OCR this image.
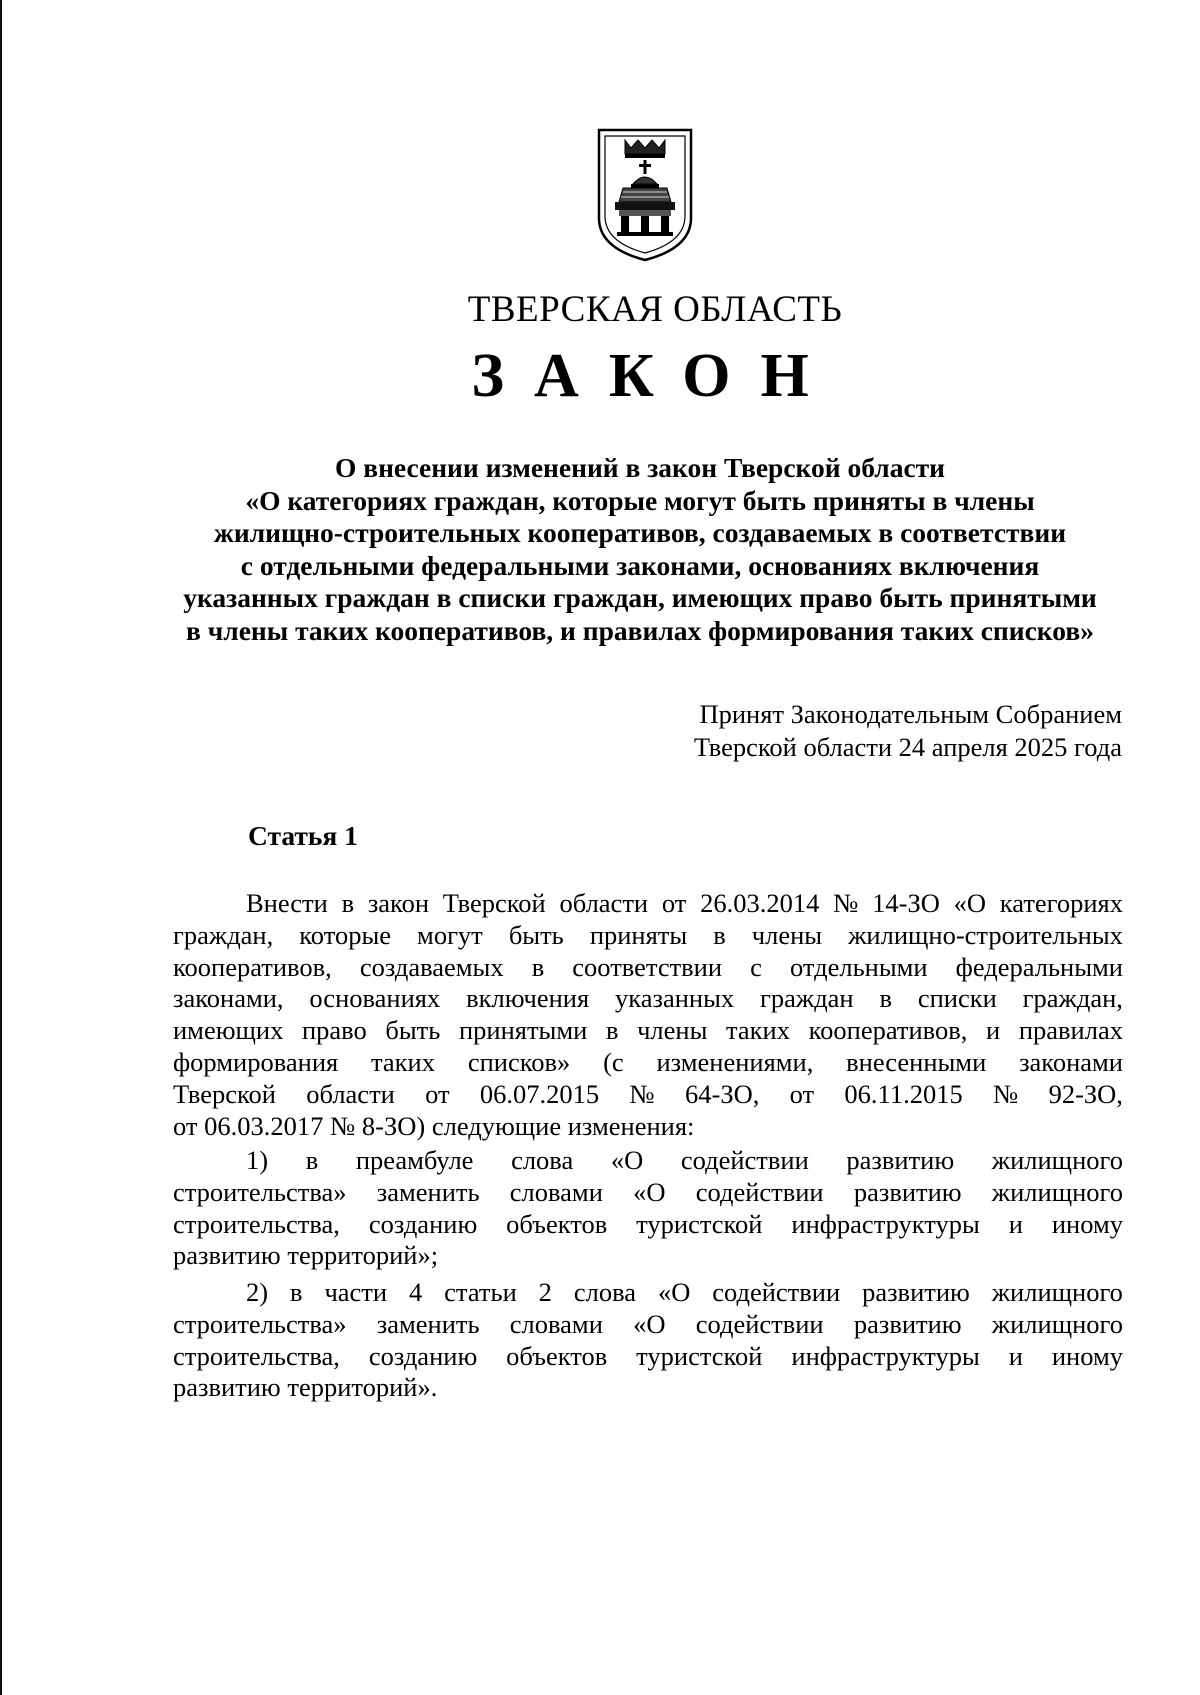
ТВЕРСКАЯ ОБЛАСТЬ
ЗАКОН
О внесении изменений в закон Тверской области
«О категориях граждан, которые могут быть приняты в члены
жилищно-строительных кооперативов, создаваемых в соответствии
с отдельными федеральными законами, основаниях включения
указанных граждан в списки граждан, имеющих право быть принятыми
в члены таких кооперативов, и правилах формирования таких списков»
Принят Законодательным Собранием
Тверской области 24 апреля 2025 года
Статья 1
Внести в закон Тверской области от 26.03.2014 № 14-ЗО «О категориях
граждан, которые могут быть приняты в члены жилищно-строительных
кооперативов, создаваемых в соответствии с отдельными федеральными
законами, основаниях включения указанных граждан в списки граждан,
имеющих право быть принятыми в члены таких кооперативов, и правилах
формирования таких списков» (с изменениями, внесенными законами
Тверской области от 06.07.2015 № 64-ЗО, от 06.11.2015 № 92-ЗО,
от 06.03.2017 № 8-ЗО) следующие изменения:
1) в преамбуле слова «О содействии развитию жилищного
строительства» заменить словами «О содействии развитию жилищного
строительства, созданию объектов туристской инфраструктуры и иному
развитию территорий»;
2) в части 4 статьи 2 слова «О содействии развитию жилищного
строительства» заменить словами «О содействии развитию жилищного
строительства, созданию объектов туристской инфраструктуры и иному
развитию территорий».
